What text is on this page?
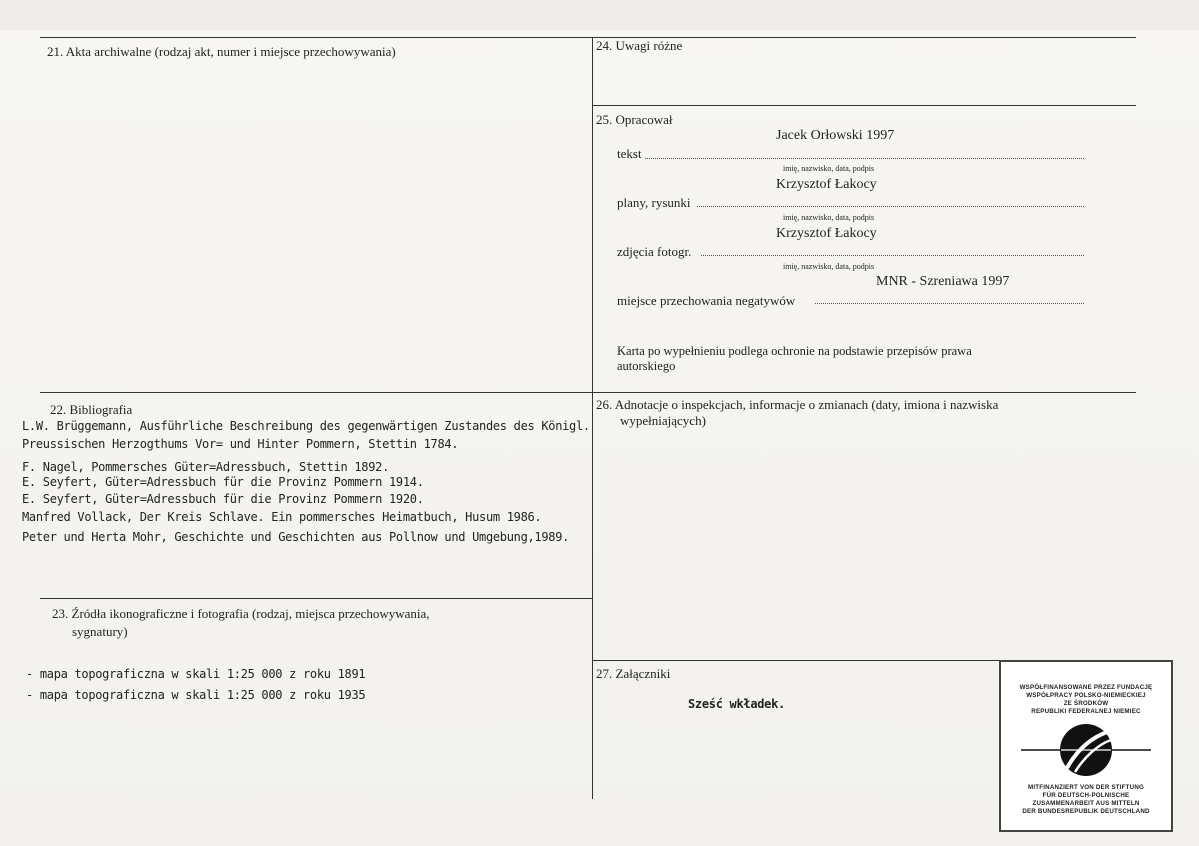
21. Akta archiwalne (rodzaj akt, numer i miejsce przechowywania)	24. Uwagi różne
25. Opracował
Jacek Orłowski 1997
tekst
imię, nazwisko, data, podpis
Krzysztof Łakocy
plany, rysunki
imię, nazwisko, data, podpis
Krzysztof Łakocy
zdjęcia fotogr.
imię, nazwisko, data, podpis
MNR - Szreniawa 1997
miejsce przechowania negatywów
Karta po wypełnieniu podlega ochronie na podstawie przepisów prawa
autorskiego
22. Bibliografia
L.W. Brüggemann, Ausführliche Beschreibung des gegenwärtigen Zustandes des Königl.
Preussischen Herzogthums Vor= und Hinter Pommern, Stettin 1784.
F. Nagel, Pommersches Güter=Adressbuch, Stettin 1892.
E. Seyfert, Güter=Adressbuch für die Provinz Pommern 1914.
E. Seyfert, Güter=Adressbuch für die Provinz Pommern 1920.
Manfred Vollack, Der Kreis Schlave. Ein pommersches Heimatbuch, Husum 1986.
Peter und Herta Mohr, Geschichte und Geschichten aus Pollnow und Umgebung,1989.
23. Źródła ikonograficzne i fotografia (rodzaj, miejsca przechowywania,
sygnatury)
- mapa topograficzna w skali 1:25 000 z roku 1891
- mapa topograficzna w skali 1:25 000 z roku 1935
26. Adnotacje o inspekcjach, informacje o zmianach (daty, imiona i nazwiska
wypełniających)
27. Załączniki
Sześć wkładek.
WSPÓŁFINANSOWANE PRZEZ FUNDACJĘ
WSPÓŁPRACY POLSKO-NIEMIECKIEJ
ZE ŚRODKÓW
REPUBLIKI FEDERALNEJ NIEMIEC
MITFINANZIERT VON DER STIFTUNG
FÜR DEUTSCH-POLNISCHE
ZUSAMMENARBEIT AUS MITTELN
DER BUNDESREPUBLIK DEUTSCHLAND
